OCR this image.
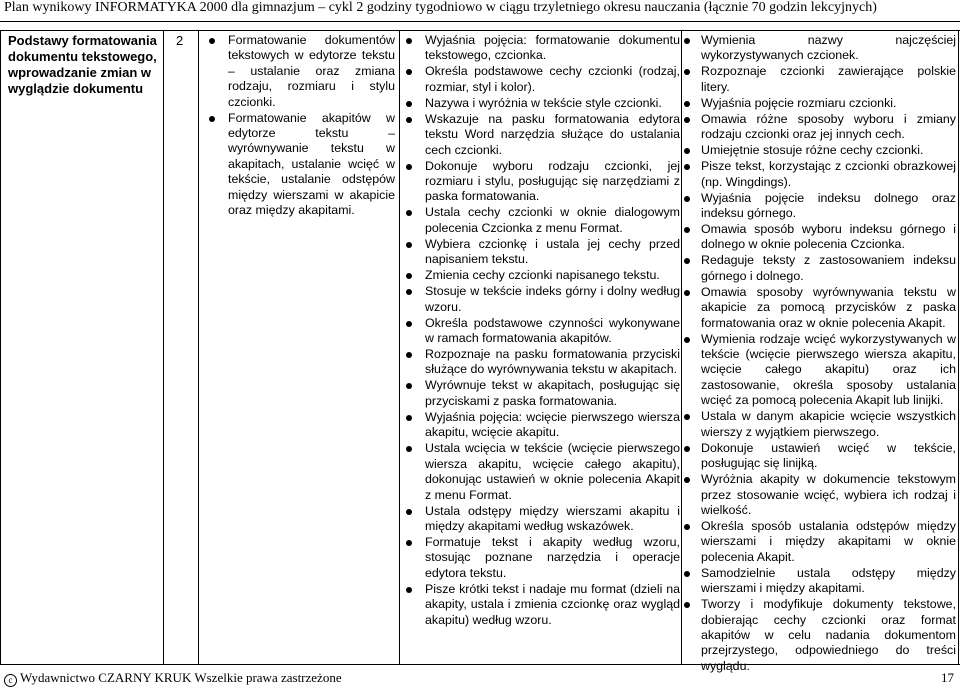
Plan wynikowy INFORMATYKA 2000 dla gimnazjum – cykl 2 godziny tygodniowo w ciągu trzyletniego okresu nauczania (łącznie 70 godzin lekcyjnych)
Podstawy formatowania dokumentu tekstowego, wprowadzanie zmian w wyglądzie dokumentu
2	Formatowanie dokumentów tekstowych w edytorze tekstu – ustalanie oraz zmiana rodzaju, rozmiaru i stylu czcionki.
Formatowanie akapitów w edytorze tekstu – wyrównywanie tekstu w akapitach, ustalanie wcięć w tekście, ustalanie odstępów między wierszami w akapicie oraz między akapitami.
Wyjaśnia pojęcia: formatowanie dokumentu tekstowego, czcionka.
Określa podstawowe cechy czcionki (rodzaj, rozmiar, styl i kolor).
Nazywa i wyróżnia w tekście style czcionki.
Wskazuje na pasku formatowania edytora tekstu Word narzędzia służące do ustalania cech czcionki.
Dokonuje wyboru rodzaju czcionki, jej rozmiaru i stylu, posługując się narzędziami z paska formatowania.
Ustala cechy czcionki w oknie dialogowym polecenia Czcionka z menu Format.
Wybiera czcionkę i ustala jej cechy przed napisaniem tekstu.
Zmienia cechy czcionki napisanego tekstu.
Stosuje w tekście indeks górny i dolny według wzoru.
Określa podstawowe czynności wykonywane w ramach formatowania akapitów.
Rozpoznaje na pasku formatowania przyciski służące do wyrównywania tekstu w akapitach.
Wyrównuje tekst w akapitach, posługując się przyciskami z paska formatowania.
Wyjaśnia pojęcia: wcięcie pierwszego wiersza akapitu, wcięcie akapitu.
Ustala wcięcia w tekście (wcięcie pierwszego wiersza akapitu, wcięcie całego akapitu), dokonując ustawień w oknie polecenia Akapit z menu Format.
Ustala odstępy między wierszami akapitu i między akapitami według wskazówek.
Formatuje tekst i akapity według wzoru, stosując poznane narzędzia i operacje edytora tekstu.
Pisze krótki tekst i nadaje mu format (dzieli na akapity, ustala i zmienia czcionkę oraz wygląd akapitu) według wzoru.
Wymienia nazwy najczęściej wykorzystywanych czcionek.
Rozpoznaje czcionki zawierające polskie litery.
Wyjaśnia pojęcie rozmiaru czcionki.
Omawia różne sposoby wyboru i zmiany rodzaju czcionki oraz jej innych cech.
Umiejętnie stosuje różne cechy czcionki.
Pisze tekst, korzystając z czcionki obrazkowej (np. Wingdings).
Wyjaśnia pojęcie indeksu dolnego oraz indeksu górnego.
Omawia sposób wyboru indeksu górnego i dolnego w oknie polecenia Czcionka.
Redaguje teksty z zastosowaniem indeksu górnego i dolnego.
Omawia sposoby wyrównywania tekstu w akapicie za pomocą przycisków z paska formatowania oraz w oknie polecenia Akapit.
Wymienia rodzaje wcięć wykorzystywanych w tekście (wcięcie pierwszego wiersza akapitu, wcięcie całego akapitu) oraz ich zastosowanie, określa sposoby ustalania wcięć za pomocą polecenia Akapit lub linijki.
Ustala w danym akapicie wcięcie wszystkich wierszy z wyjątkiem pierwszego.
Dokonuje ustawień wcięć w tekście, posługując się linijką.
Wyróżnia akapity w dokumencie tekstowym przez stosowanie wcięć, wybiera ich rodzaj i wielkość.
Określa sposób ustalania odstępów między wierszami i między akapitami w oknie polecenia Akapit.
Samodzielnie ustala odstępy między wierszami i między akapitami.
Tworzy i modyfikuje dokumenty tekstowe, dobierając cechy czcionki oraz format akapitów w celu nadania dokumentom przejrzystego, odpowiedniego do treści wyglądu.
c Wydawnictwo CZARNY KRUK Wszelkie prawa zastrzeżone	17
